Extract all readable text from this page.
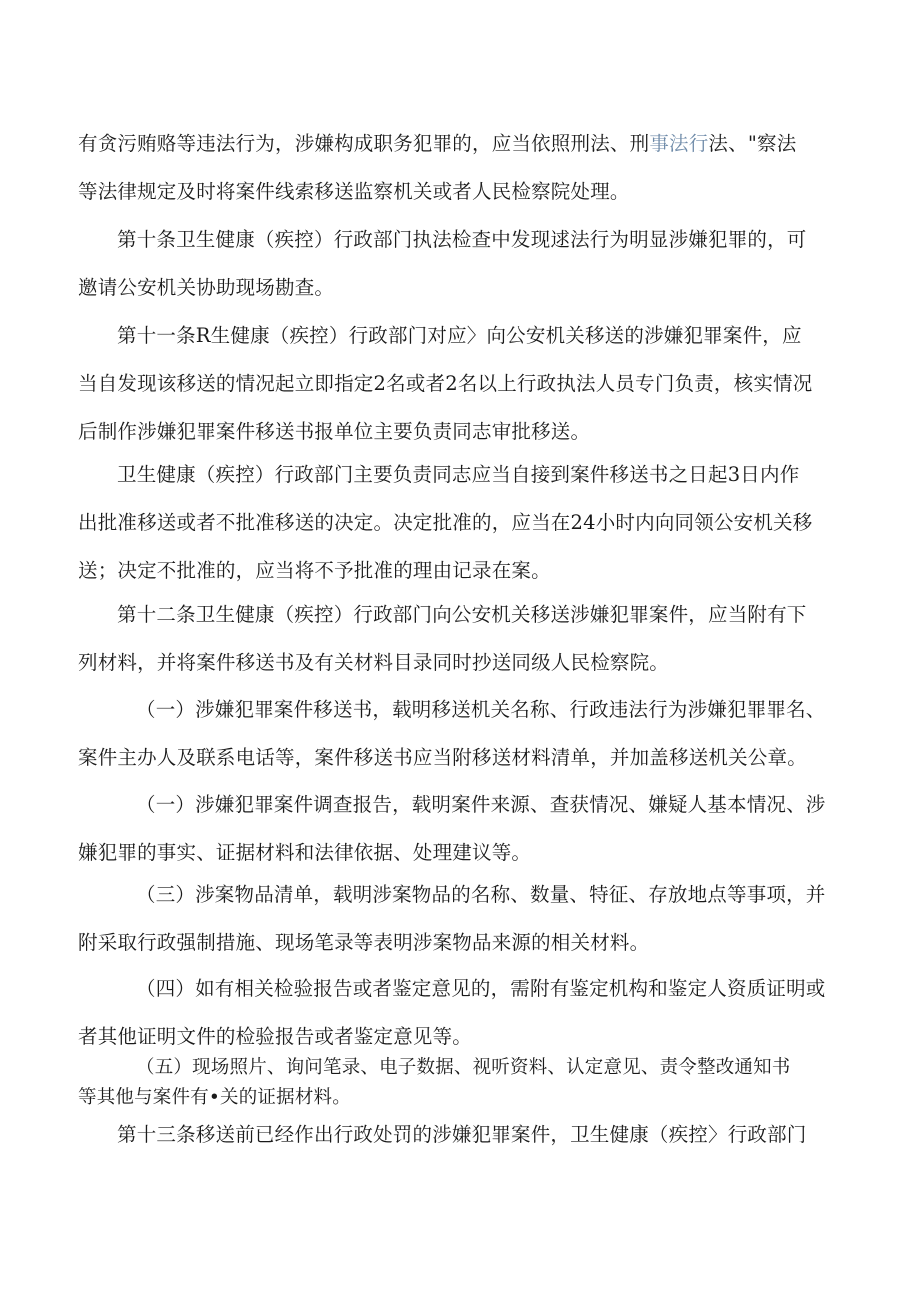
有贪污贿赂等违法行为，涉嫌构成职务犯罪的，应当依照刑法、刑事法行法、"察法
等法律规定及时将案件线索移送监察机关或者人民检察院处理。

第十条卫生健康（疾控）行政部门执法检查中发现逑法行为明显涉嫌犯罪的，可
邀请公安机关协助现场勘查。

第十一条R生健康（疾控）行政部门对应〉向公安机关移送的涉嫌犯罪案件，应
当自发现该移送的情况起立即指定2名或者2名以上行政执法人员专门负责，核实情况
后制作涉嫌犯罪案件移送书报单位主要负责同志审批移送。

卫生健康（疾控）行政部门主要负责同志应当自接到案件移送书之日起3日内作
出批准移送或者不批准移送的决定。决定批准的，应当在24小时内向同领公安机关移
送；决定不批准的，应当将不予批准的理由记录在案。

第十二条卫生健康（疾控）行政部门向公安机关移送涉嫌犯罪案件，应当附有下
列材料，并将案件移送书及有关材料目录同时抄送同级人民检察院。

（一）涉嫌犯罪案件移送书，载明移送机关名称、行政违法行为涉嫌犯罪罪名、
案件主办人及联系电话等，案件移送书应当附移送材料清单，并加盖移送机关公章。

（一）涉嫌犯罪案件调查报告，载明案件来源、查获情况、嫌疑人基本情况、涉
嫌犯罪的事实、证据材料和法律依据、处理建议等。

（三）涉案物品清单，载明涉案物品的名称、数量、特征、存放地点等事项，并
附采取行政强制措施、现场笔录等表明涉案物品来源的相关材料。

（四）如有相关检验报告或者鉴定意见的，需附有鉴定机构和鉴定人资质证明或
者其他证明文件的检验报告或者鉴定意见等。

（五）现场照片、询问笔录、电子数据、视听资料、认定意见、责令整改通知书
等其他与案件有•关的证据材料。

第十三条移送前已经作出行政处罚的涉嫌犯罪案件，卫生健康（疾控〉行政部门
